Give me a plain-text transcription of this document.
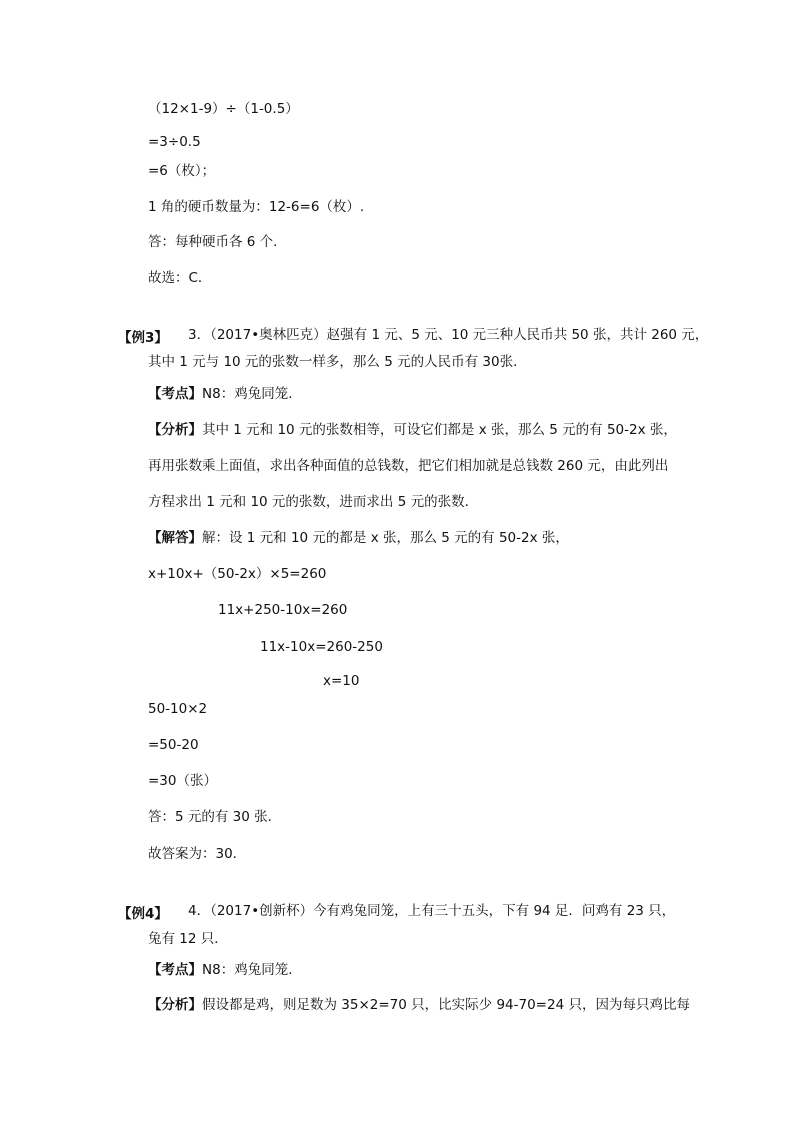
（12×1-9）÷（1-0.5）
=3÷0.5
=6（枚）；
1 角的硬币数量为：12-6=6（枚）.
答：每种硬币各 6 个．
故选：C．
【例3】 3．（2017•奥林匹克）赵强有 1 元、5 元、10 元三种人民币共 50 张，共计 260 元，
其中 1 元与 10 元的张数一样多，那么 5 元的人民币有 30张．
【考点】N8：鸡兔同笼．
【分析】其中 1 元和 10 元的张数相等，可设它们都是 x 张，那么 5 元的有 50-2x 张，
再用张数乘上面值，求出各种面值的总钱数，把它们相加就是总钱数 260 元，由此列出
方程求出 1 元和 10 元的张数，进而求出 5 元的张数．
【解答】解：设 1 元和 10 元的都是 x 张，那么 5 元的有 50-2x 张，
x+10x+（50-2x）×5=260
11x+250-10x=260
11x-10x=260-250
x=10
50-10×2
=50-20
=30（张）
答：5 元的有 30 张．
故答案为：30．
【例4】 4．（2017•创新杯）今有鸡兔同笼，上有三十五头，下有 94 足．问鸡有 23 只，
兔有 12 只．
【考点】N8：鸡兔同笼．
【分析】假设都是鸡，则足数为 35×2=70 只，比实际少 94-70=24 只，因为每只鸡比每
